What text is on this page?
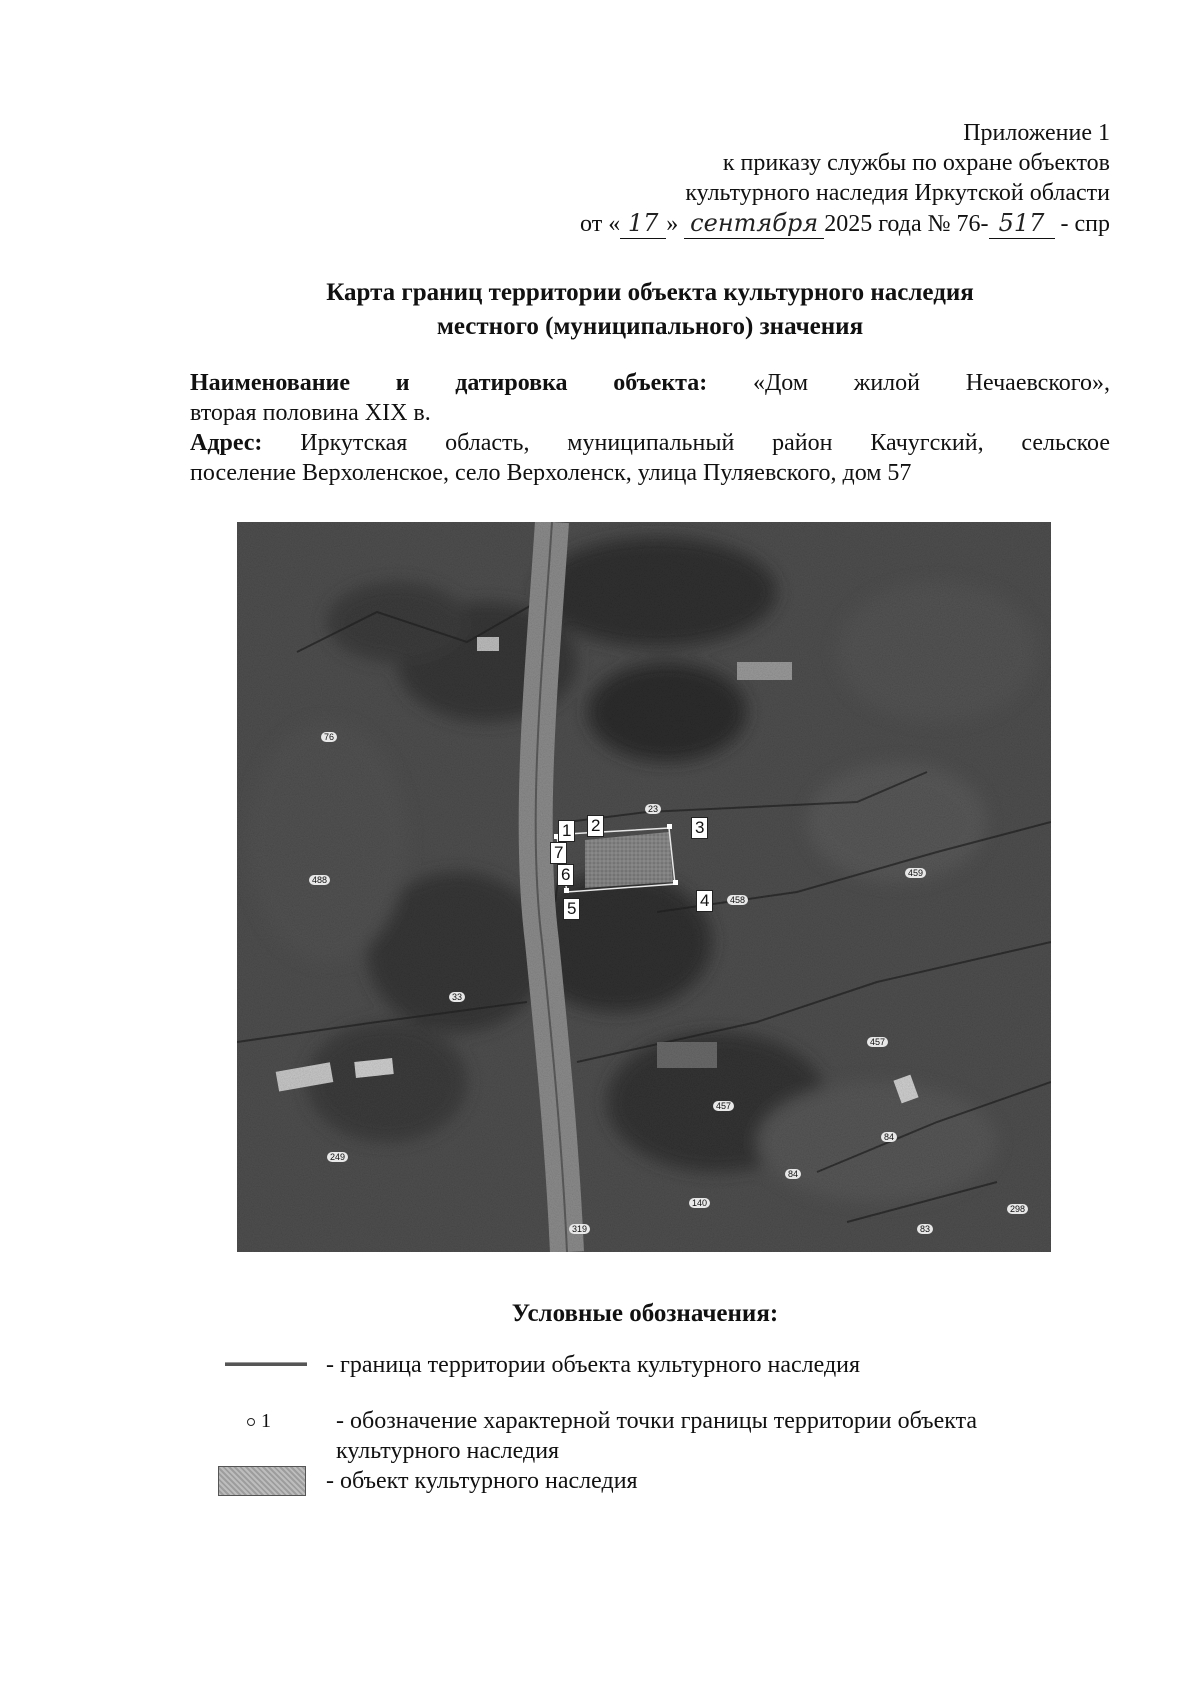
Приложение 1
к приказу службы по охране объектов
культурного наследия Иркутской области
от « 17 » сентября 2025 года № 76- 517 - спр
Карта границ территории объекта культурного наследия
местного (муниципального) значения
Наименование и датировка объекта: «Дом жилой Нечаевского»,
вторая половина XIX в.
Адрес: Иркутская область, муниципальный район Качугский, сельское
поселение Верхоленское, село Верхоленск, улица Пуляевского, дом 57
1 2	3
4
5
6
7
76
488
23
459
458
33
457
457
249
84
84
140
319	83
298
Условные обозначения:
- граница территории объекта культурного наследия
1	- обозначение характерной точки границы территории объекта
культурного наследия
- объект культурного наследия
